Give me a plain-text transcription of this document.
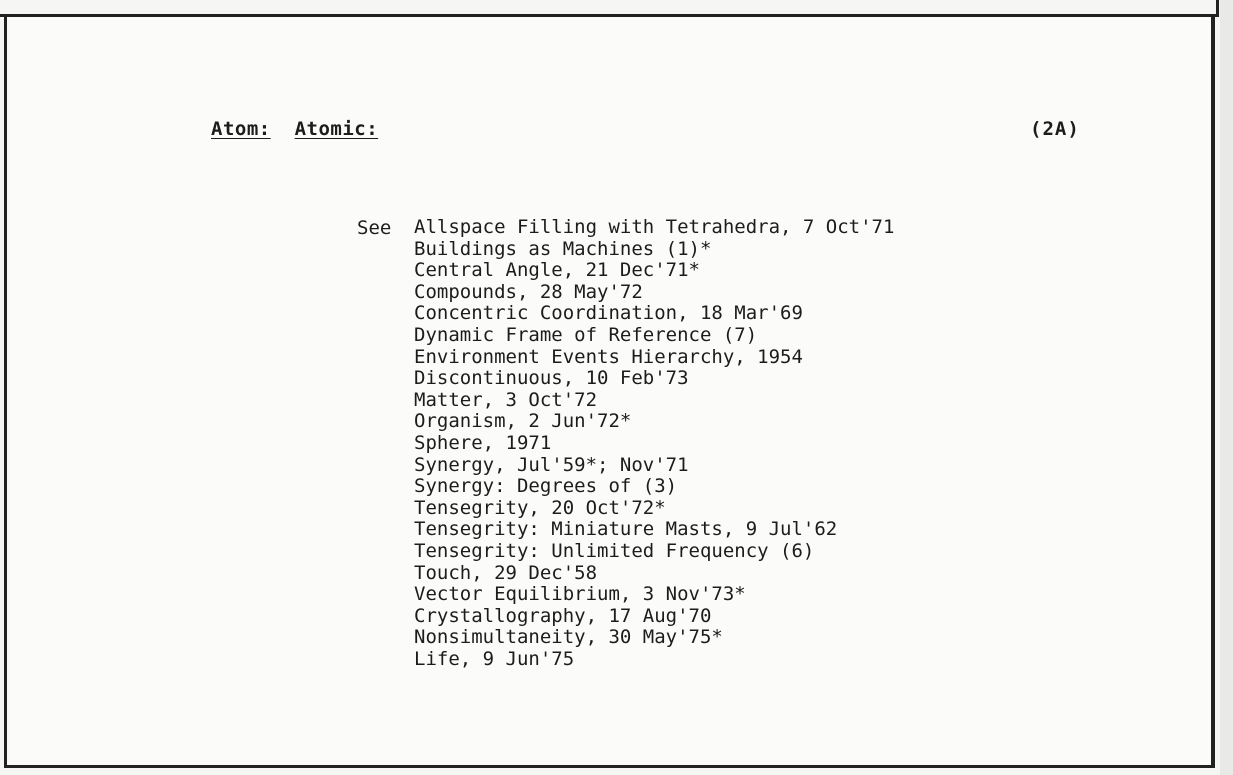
Atom: Atomic:	(2A)
See Allspace Filling with Tetrahedra, 7 Oct'71
Buildings as Machines (1)*
Central Angle, 21 Dec'71*
Compounds, 28 May'72
Concentric Coordination, 18 Mar'69
Dynamic Frame of Reference (7)
Environment Events Hierarchy, 1954
Discontinuous, 10 Feb'73
Matter, 3 Oct'72
Organism, 2 Jun'72*
Sphere, 1971
Synergy, Jul'59*; Nov'71
Synergy: Degrees of (3)
Tensegrity, 20 Oct'72*
Tensegrity: Miniature Masts, 9 Jul'62
Tensegrity: Unlimited Frequency (6)
Touch, 29 Dec'58
Vector Equilibrium, 3 Nov'73*
Crystallography, 17 Aug'70
Nonsimultaneity, 30 May'75*
Life, 9 Jun'75
